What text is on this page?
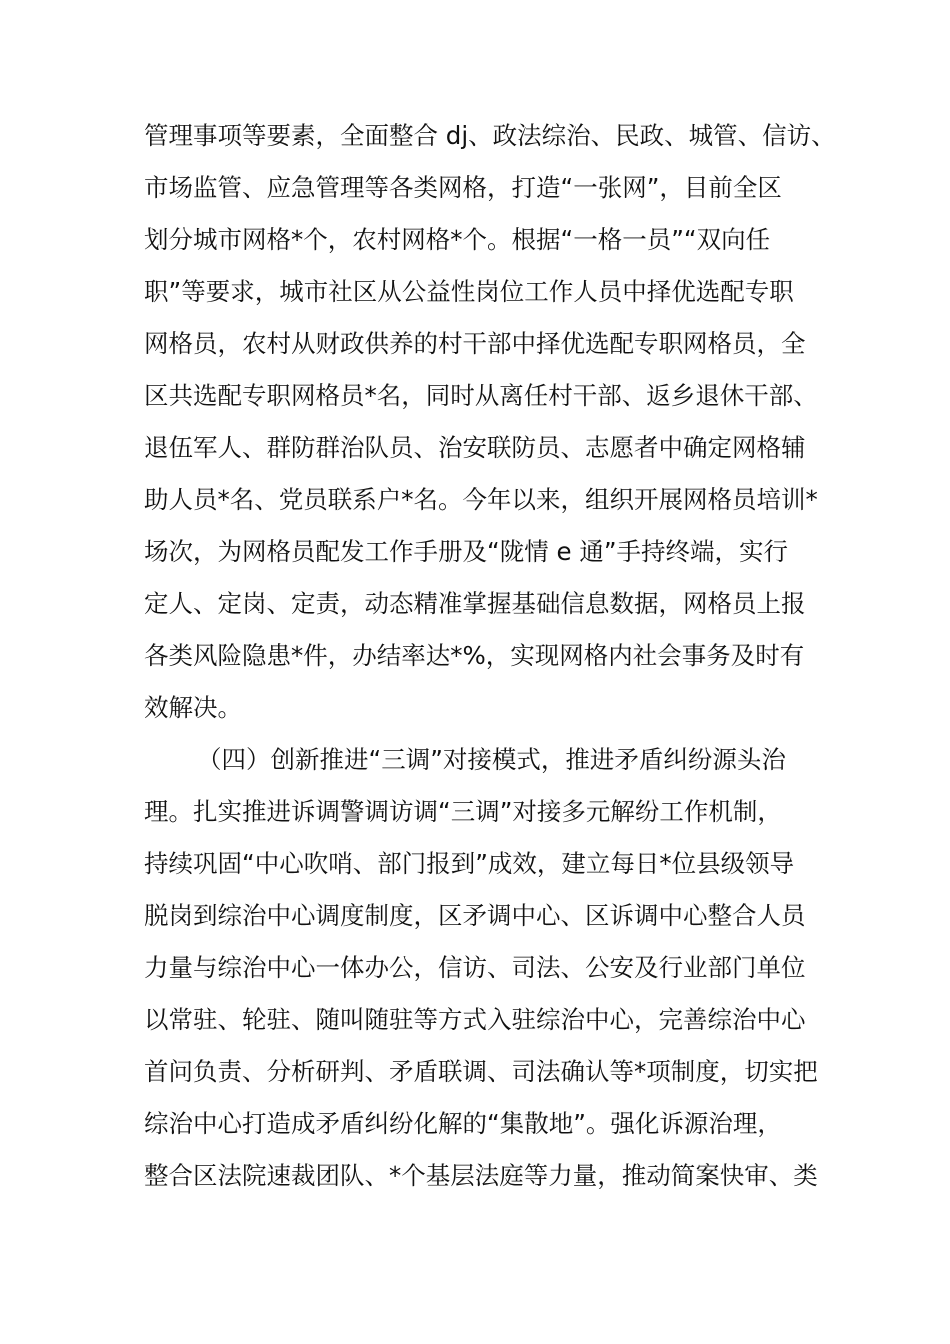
管理事项等要素，全面整合 dj、政法综治、民政、城管、信访、
市场监管、应急管理等各类网格，打造“一张网”，目前全区
划分城市网格*个，农村网格*个。根据“一格一员”“双向任
职”等要求，城市社区从公益性岗位工作人员中择优选配专职
网格员，农村从财政供养的村干部中择优选配专职网格员，全
区共选配专职网格员*名，同时从离任村干部、返乡退休干部、
退伍军人、群防群治队员、治安联防员、志愿者中确定网格辅
助人员*名、党员联系户*名。今年以来，组织开展网格员培训*
场次，为网格员配发工作手册及“陇情 e 通”手持终端，实行
定人、定岗、定责，动态精准掌握基础信息数据，网格员上报
各类风险隐患*件，办结率达*%，实现网格内社会事务及时有
效解决。
（四）创新推进“三调”对接模式，推进矛盾纠纷源头治
理。扎实推进诉调警调访调“三调”对接多元解纷工作机制，
持续巩固“中心吹哨、部门报到”成效，建立每日*位县级领导
脱岗到综治中心调度制度，区矛调中心、区诉调中心整合人员
力量与综治中心一体办公，信访、司法、公安及行业部门单位
以常驻、轮驻、随叫随驻等方式入驻综治中心，完善综治中心
首问负责、分析研判、矛盾联调、司法确认等*项制度，切实把
综治中心打造成矛盾纠纷化解的“集散地”。强化诉源治理，
整合区法院速裁团队、*个基层法庭等力量，推动简案快审、类
